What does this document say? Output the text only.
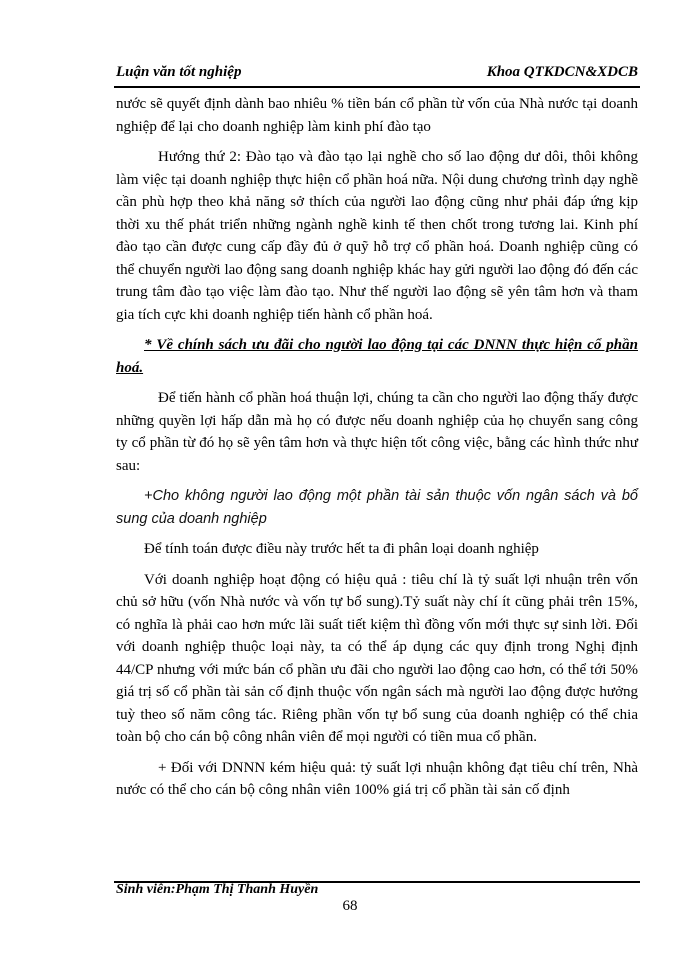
Luận văn tốt nghiệp	Khoa QTKDCN&XDCB

nước sẽ quyết định dành bao nhiêu % tiền bán cổ phần từ vốn của Nhà nước tại doanh nghiệp để lại cho doanh nghiệp làm kinh phí đào tạo

Hướng thứ 2: Đào tạo và đào tạo lại nghề cho số lao động dư dôi, thôi không làm việc tại doanh nghiệp thực hiện cổ phần hoá nữa. Nội dung chương trình dạy nghề cần phù hợp theo khả năng sở thích của người lao động cũng như phải đáp ứng kịp thời xu thế phát triển những ngành nghề kinh tế then chốt trong tương lai. Kinh phí đào tạo cần được cung cấp đầy đủ ở quỹ hỗ trợ cổ phần hoá. Doanh nghiệp cũng có thể chuyển người lao động sang doanh nghiệp khác hay gửi người lao động đó đến các trung tâm đào tạo việc làm đào tạo. Như thế người lao động sẽ yên tâm hơn và tham gia tích cực khi doanh nghiệp tiến hành cổ phần hoá.

* Về chính sách ưu đãi cho người lao động tại các DNNN thực hiện cổ phần hoá.

Để tiến hành cổ phần hoá thuận lợi, chúng ta cần cho người lao động thấy được những quyền lợi hấp dẫn mà họ có được nếu doanh nghiệp của họ chuyển sang công ty cổ phần từ đó họ sẽ yên tâm hơn và thực hiện tốt công việc, bằng các hình thức như sau:

+Cho không người lao động một phần tài sản thuộc vốn ngân sách và bổ sung của doanh nghiệp

Để tính toán được điều này trước hết ta đi phân loại doanh nghiệp

Với doanh nghiệp hoạt động có hiệu quả : tiêu chí là tỷ suất lợi nhuận trên vốn chủ sở hữu (vốn Nhà nước và vốn tự bổ sung).Tỷ suất này chí ít cũng phải trên 15%, có nghĩa là phải cao hơn mức lãi suất tiết kiệm thì đồng vốn mới thực sự sinh lời. Đối với doanh nghiệp thuộc loại này, ta có thể áp dụng các quy định trong Nghị định 44/CP nhưng với mức bán cổ phần ưu đãi cho người lao động cao hơn, có thể tới 50% giá trị số cổ phần tài sản cố định thuộc vốn ngân sách mà người lao động được hưởng tuỳ theo số năm công tác. Riêng phần vốn tự bổ sung của doanh nghiệp có thể chia toàn bộ cho cán bộ công nhân viên để mọi người có tiền mua cổ phần.

+ Đối với DNNN kém hiệu quả: tỷ suất lợi nhuận không đạt tiêu chí trên, Nhà nước có thể cho cán bộ công nhân viên 100% giá trị cổ phần tài sản cố định

Sinh viên:Phạm Thị Thanh Huyền
68
